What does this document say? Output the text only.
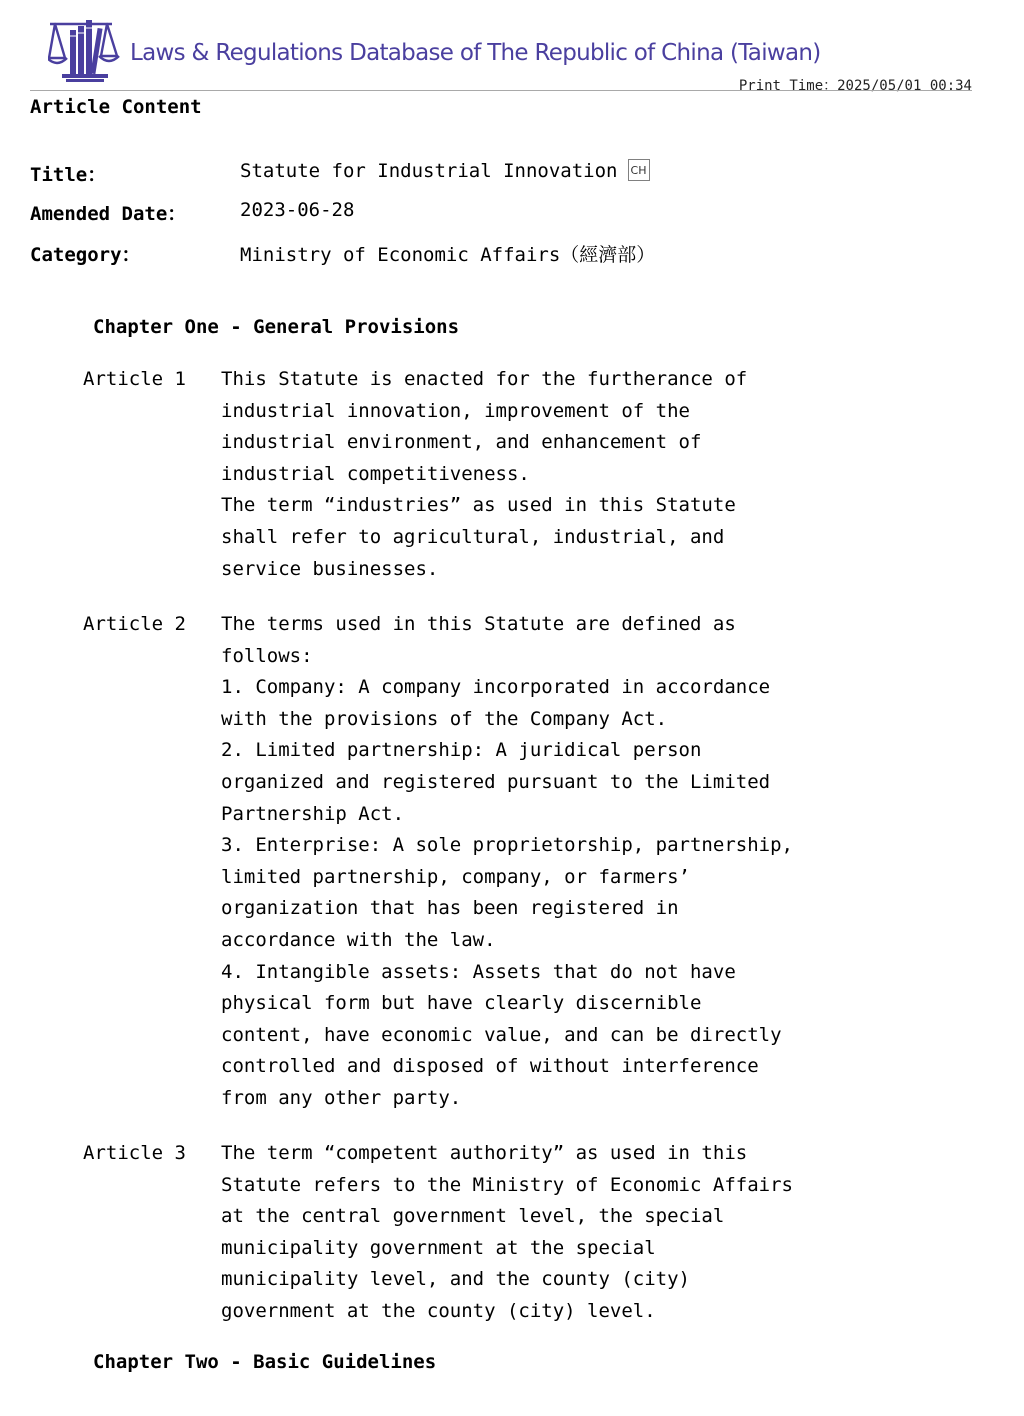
Laws & Regulations Database of The Republic of China (Taiwan)
Print Time：2025/05/01 00:34
Article Content
Title：	Statute for Industrial Innovation CH
Amended Date：	2023-06-28
Category：	Ministry of Economic Affairs（經濟部）
Chapter One - General Provisions
Article 1 This Statute is enacted for the furtherance of industrial innovation, improvement of the industrial environment, and enhancement of industrial competitiveness.
The term “industries” as used in this Statute shall refer to agricultural, industrial, and service businesses.
Article 2 The terms used in this Statute are defined as follows:
1. Company: A company incorporated in accordance with the provisions of the Company Act.
2. Limited partnership: A juridical person organized and registered pursuant to the Limited Partnership Act.
3. Enterprise: A sole proprietorship, partnership, limited partnership, company, or farmers’ organization that has been registered in accordance with the law.
4. Intangible assets: Assets that do not have physical form but have clearly discernible content, have economic value, and can be directly controlled and disposed of without interference from any other party.
Article 3 The term “competent authority” as used in this Statute refers to the Ministry of Economic Affairs at the central government level, the special municipality government at the special municipality level, and the county (city) government at the county (city) level.
Chapter Two - Basic Guidelines
